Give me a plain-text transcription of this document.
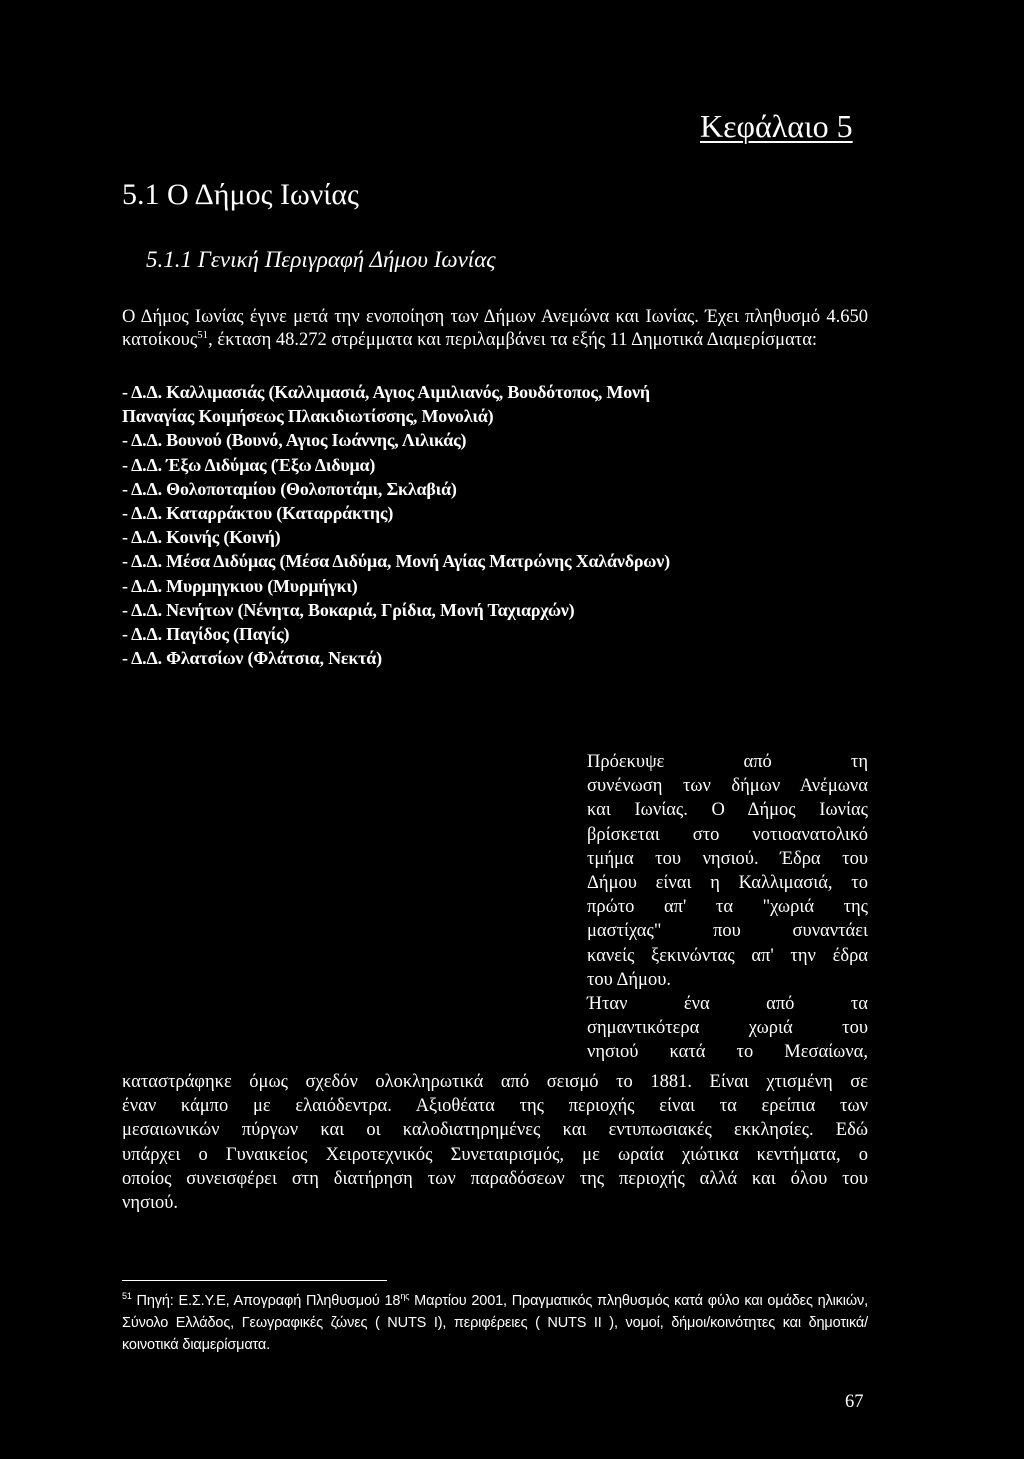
Κεφάλαιο 5
5.1 Ο Δήμος Ιωνίας
5.1.1 Γενική Περιγραφή Δήμου Ιωνίας
Ο Δήμος Ιωνίας έγινε μετά την ενοποίηση των Δήμων Ανεμώνα και Ιωνίας. Έχει πληθυσμό 4.650 κατοίκους$^{51}$, έκταση 48.272 στρέμματα και περιλαμβάνει τα εξής 11 Δημοτικά Διαμερίσματα:
- Δ.Δ. Καλλιμασιάς (Καλλιμασιά, Αγιος Αιμιλιανός, Βουδότοπος, Μονή
Παναγίας Κοιμήσεως Πλακιδιωτίσσης, Μονολιά)
- Δ.Δ. Βουνού (Βουνό, Αγιος Ιωάννης, Λιλικάς)
- Δ.Δ. Έξω Διδύμας (Έξω Διδυμα)
- Δ.Δ. Θολοποταμίου (Θολοποτάμι, Σκλαβιά)
- Δ.Δ. Καταρράκτου (Καταρράκτης)
- Δ.Δ. Κοινής (Κοινή)
- Δ.Δ. Μέσα Διδύμας (Μέσα Διδύμα, Μονή Αγίας Ματρώνης Χαλάνδρων)
- Δ.Δ. Μυρμηγκιου (Μυρμήγκι)
- Δ.Δ. Νενήτων (Νένητα, Βοκαριά, Γρίδια, Μονή Ταχιαρχών)
- Δ.Δ. Παγίδος (Παγίς)
- Δ.Δ. Φλατσίων (Φλάτσια, Νεκτά)
Πρόεκυψε από τη
συνένωση των δήμων Ανέμωνα
και Ιωνίας. Ο Δήμος Ιωνίας
βρίσκεται στο νοτιοανατολικό
τμήμα του νησιού. Έδρα του
Δήμου είναι η Καλλιμασιά, το
πρώτο απ' τα "χωριά της
μαστίχας" που συναντάει
κανείς ξεκινώντας απ' την έδρα
του Δήμου.
Ήταν ένα από τα
σημαντικότερα χωριά του
νησιού κατά το Μεσαίωνα,
καταστράφηκε όμως σχεδόν ολοκληρωτικά από σεισμό το 1881. Είναι χτισμένη σε
έναν κάμπο με ελαιόδεντρα. Αξιοθέατα της περιοχής είναι τα ερείπια των
μεσαιωνικών πύργων και οι καλοδιατηρημένες και εντυπωσιακές εκκλησίες. Εδώ
υπάρχει ο Γυναικείος Χειροτεχνικός Συνεταιρισμός, με ωραία χιώτικα κεντήματα, ο
οποίος συνεισφέρει στη διατήρηση των παραδόσεων της περιοχής αλλά και όλου του
νησιού.
$^{51}$ Πηγή: Ε.Σ.Υ.Ε, Απογραφή Πληθυσμού $18^{\eta\varsigma}$ Μαρτίου 2001, Πραγματικός πληθυσμός κατά φύλο και ομάδες ηλικιών, Σύνολο Ελλάδος, Γεωγραφικές ζώνες ( NUTS I), περιφέρειες ( NUTS II ), νομοί, δήμοι/κοινότητες και δημοτικά/κοινοτικά διαμερίσματα.
67
